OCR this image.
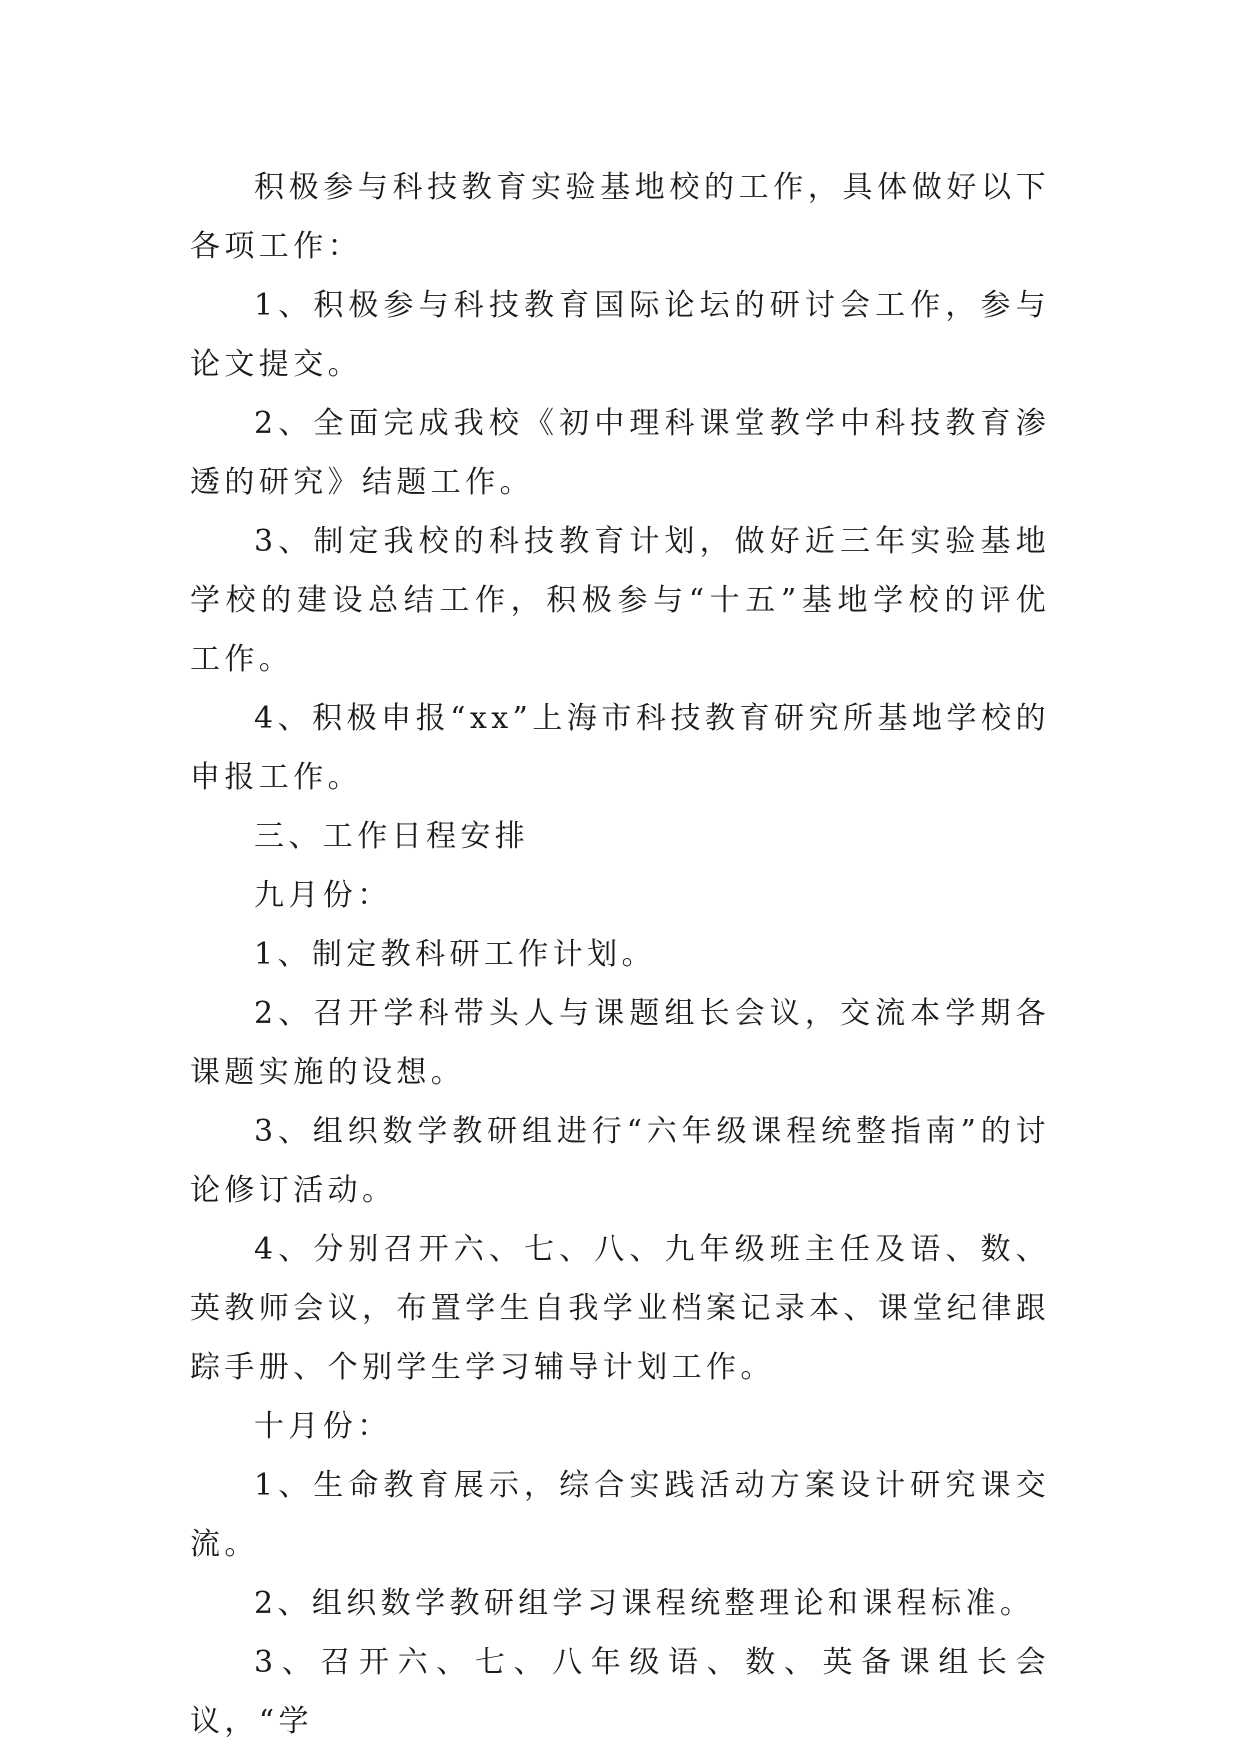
积极参与科技教育实验基地校的工作，具体做好以下各项工作：

1、积极参与科技教育国际论坛的研讨会工作，参与论文提交。

2、全面完成我校《初中理科课堂教学中科技教育渗透的研究》结题工作。

3、制定我校的科技教育计划，做好近三年实验基地学校的建设总结工作，积极参与“十五”基地学校的评优工作。

4、积极申报“xx”上海市科技教育研究所基地学校的申报工作。

三、工作日程安排

九月份：

1、制定教科研工作计划。

2、召开学科带头人与课题组长会议，交流本学期各课题实施的设想。

3、组织数学教研组进行“六年级课程统整指南”的讨论修订活动。

4、分别召开六、七、八、九年级班主任及语、数、英教师会议，布置学生自我学业档案记录本、课堂纪律跟踪手册、个别学生学习辅导计划工作。

十月份：

1、生命教育展示，综合实践活动方案设计研究课交流。

2、组织数学教研组学习课程统整理论和课程标准。

3、召开六、七、八年级语、数、英备课组长会议，“学
